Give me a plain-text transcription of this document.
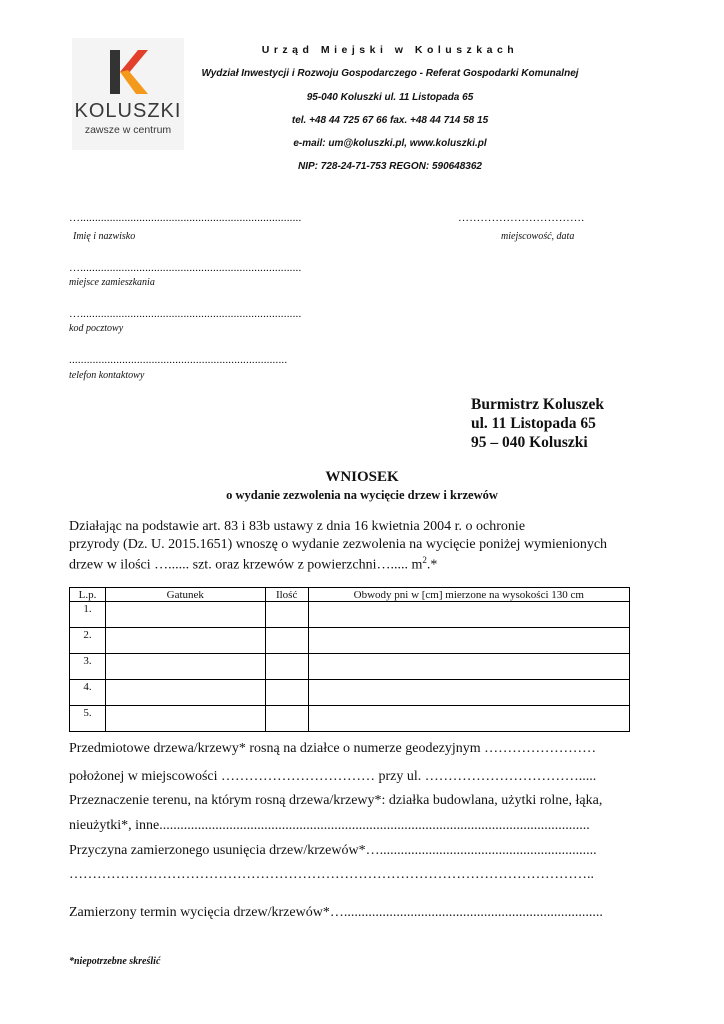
KOLUSZKI
zawsze w centrum
Urząd Miejski w Koluszkach
Wydział Inwestycji i Rozwoju Gospodarczego - Referat Gospodarki Komunalnej
95-040 Koluszki ul. 11 Listopada 65
tel. +48 44 725 67 66 fax. +48 44 714 58 15
e-mail: um@koluszki.pl, www.koluszki.pl
NIP: 728-24-71-753 REGON: 590648362
…...........................................................................
Imię i nazwisko
…………………………….
miejscowość, data
…...........................................................................
miejsce zamieszkania
…...........................................................................
kod pocztowy
..........................................................................
telefon kontaktowy
Burmistrz Koluszek
ul. 11 Listopada 65
95 – 040 Koluszki
WNIOSEK
o wydanie zezwolenia na wycięcie drzew i krzewów
Działając na podstawie art. 83 i 83b ustawy z dnia 16 kwietnia 2004 r. o ochronie
przyrody (Dz. U. 2015.1651) wnoszę o wydanie zezwolenia na wycięcie poniżej wymienionych
drzew w ilości …...... szt. oraz krzewów z powierzchni…..... $m^2.*$
L.p.	Gatunek	Ilość	Obwody pni w [cm] mierzone na wysokości 130 cm
1.			
2.			
3.			
4.			
5.			
Przedmiotowe drzewa/krzewy* rosną na działce o numerze geodezyjnym ……………………
położonej w miejscowości …………………………… przy ul. …………………………….....
Przeznaczenie terenu, na którym rosną drzewa/krzewy*: działka budowlana, użytki rolne, łąka,
nieużytki*, inne...........................................................................................................................
Przyczyna zamierzonego usunięcia drzew/krzewów*…..............................................................
…………………………………………………………………………………………………..
Zamierzony termin wycięcia drzew/krzewów*…..........................................................................
*niepotrzebne skreślić
